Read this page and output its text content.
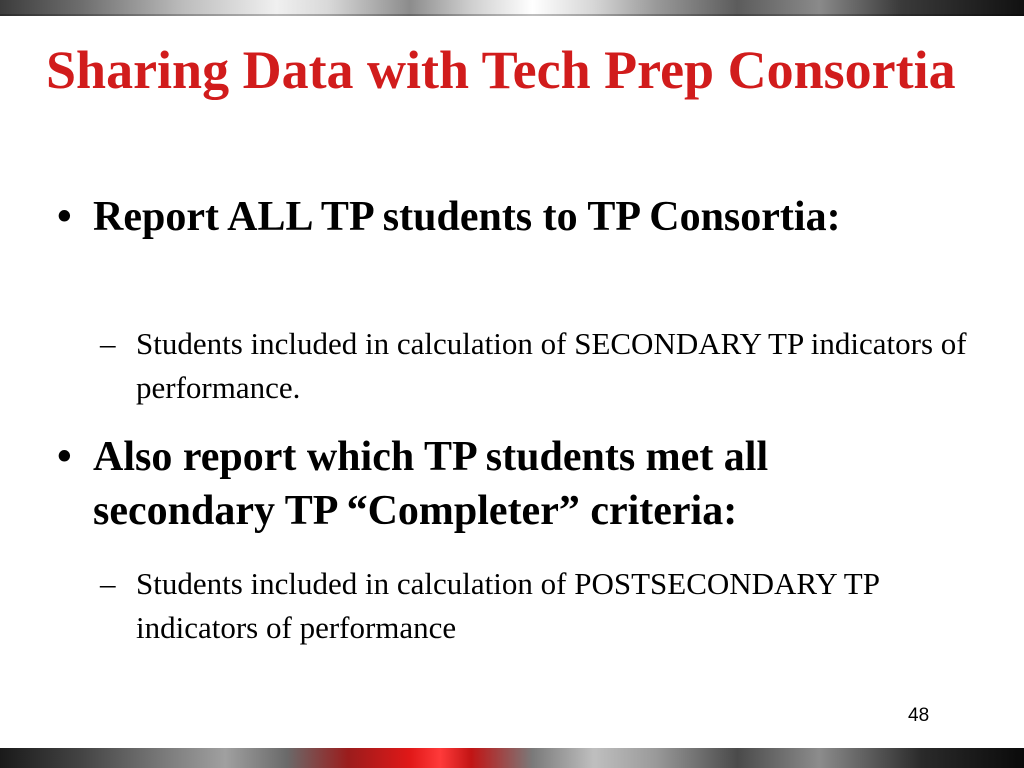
Sharing Data with Tech Prep Consortia
• Report ALL TP students to TP Consortia:
– Students included in calculation of SECONDARY TP indicators of performance.
• Also report which TP students met all secondary TP “Completer” criteria:
– Students included in calculation of POSTSECONDARY TP indicators of performance
48
